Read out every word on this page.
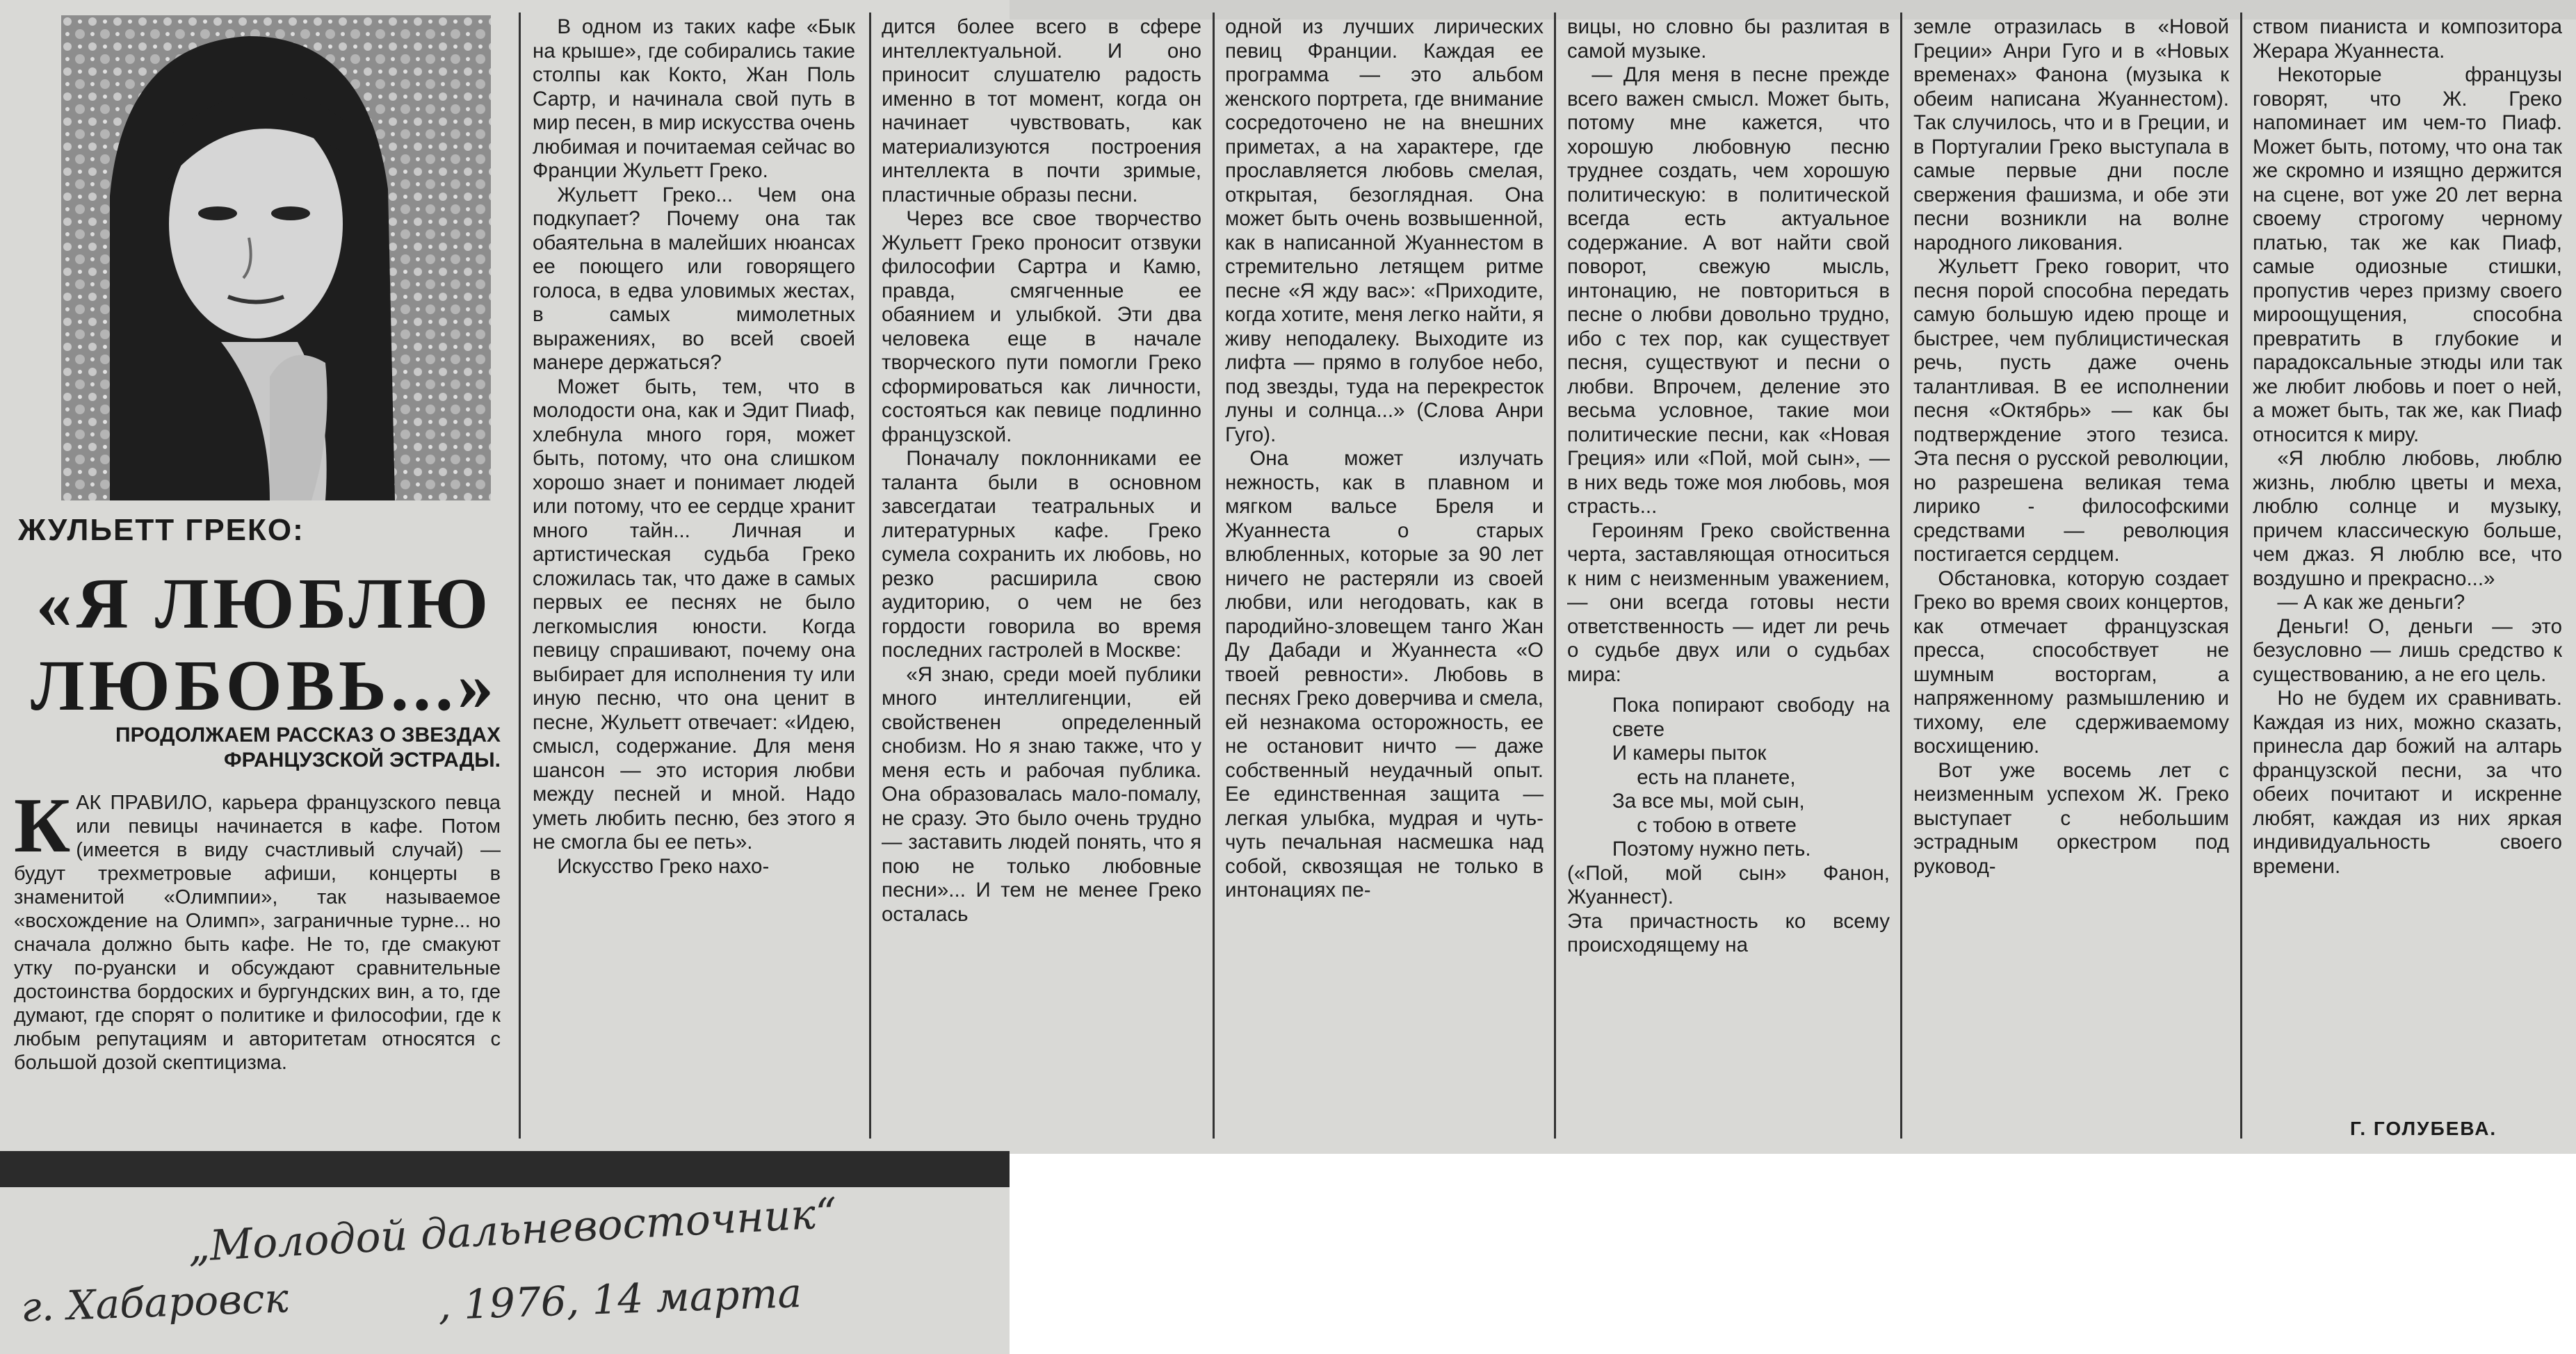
ЖУЛЬЕТТ ГРЕКО:
«Я ЛЮБЛЮ
ЛЮБОВЬ...»
ПРОДОЛЖАЕМ РАССКАЗ О ЗВЕЗДАХ ФРАНЦУЗСКОЙ ЭСТРАДЫ.
КАК ПРАВИЛО, карьера французского певца или певицы начинается в кафе. Потом (имеется в виду счастливый случай) — будут трехметровые афиши, концерты в знаменитой «Олимпии», так называемое «восхождение на Олимп», заграничные турне... но сначала должно быть кафе. Не то, где смакуют утку по-руански и обсуждают сравнительные достоинства бордоских и бургундских вин, а то, где думают, где спорят о политике и философии, где к любым репутациям и авторитетам относятся с большой дозой скептицизма.

В одном из таких кафе «Бык на крыше», где собирались такие столпы как Кокто, Жан Поль Сартр, и начинала свой путь в мир песен, в мир искусства очень любимая и почитаемая сейчас во Франции Жульетт Греко.

Жульетт Греко... Чем она подкупает? Почему она так обаятельна в малейших нюансах ее поющего или говорящего голоса, в едва уловимых жестах, в самых мимолетных выражениях, во всей своей манере держаться?

Может быть, тем, что в молодости она, как и Эдит Пиаф, хлебнула много горя, может быть, потому, что она слишком хорошо знает и понимает людей или потому, что ее сердце хранит много тайн... Личная и артистическая судьба Греко сложилась так, что даже в самых первых ее песнях не было легкомыслия юности. Когда певицу спрашивают, почему она выбирает для исполнения ту или иную песню, что она ценит в песне, Жульетт отвечает: «Идею, смысл, содержание. Для меня шансон — это история любви между песней и мной. Надо уметь любить песню, без этого я не смогла бы ее петь».

Искусство Греко нахо-

дится более всего в сфере интеллектуальной. И оно приносит слушателю радость именно в тот момент, когда он начинает чувствовать, как материализуются построения интеллекта в почти зримые, пластичные образы песни.

Через все свое творчество Жульетт Греко проносит отзвуки философии Сартра и Камю, правда, смягченные ее обаянием и улыбкой. Эти два человека еще в начале творческого пути помогли Греко сформироваться как личности, состояться как певице подлинно французской.

Поначалу поклонниками ее таланта были в основном завсегдатаи театральных и литературных кафе. Греко сумела сохранить их любовь, но резко расширила свою аудиторию, о чем не без гордости говорила во время последних гастролей в Москве:

«Я знаю, среди моей публики много интеллигенции, ей свойственен определенный снобизм. Но я знаю также, что у меня есть и рабочая публика. Она образовалась мало-помалу, не сразу. Это было очень трудно — заставить людей понять, что я пою не только любовные песни»... И тем не менее Греко осталась

одной из лучших лирических певиц Франции. Каждая ее программа — это альбом женского портрета, где внимание сосредоточено не на внешних приметах, а на характере, где прославляется любовь смелая, открытая, безоглядная. Она может быть очень возвышенной, как в написанной Жуаннестом в стремительно летящем ритме песне «Я жду вас»: «Приходите, когда хотите, меня легко найти, я живу неподалеку. Выходите из лифта — прямо в голубое небо, под звезды, туда на перекресток луны и солнца...» (Слова Анри Гуго).

Она может излучать нежность, как в плавном и мягком вальсе Бреля и Жуаннеста о старых влюбленных, которые за 90 лет ничего не растеряли из своей любви, или негодовать, как в пародийно-зловещем танго Жан Ду Дабади и Жуаннеста «О твоей ревности». Любовь в песнях Греко доверчива и смела, ей незнакома осторожность, ее не остановит ничто — даже собственный неудачный опыт. Ее единственная защита — легкая улыбка, мудрая и чуть-чуть печальная насмешка над собой, сквозящая не только в интонациях пе-

вицы, но словно бы разлитая в самой музыке.

— Для меня в песне прежде всего важен смысл. Может быть, потому мне кажется, что хорошую любовную песню труднее создать, чем хорошую политическую: в политической всегда есть актуальное содержание. А вот найти свой поворот, свежую мысль, интонацию, не повториться в песне о любви довольно трудно, ибо с тех пор, как существует песня, существуют и песни о любви. Впрочем, деление это весьма условное, такие мои политические песни, как «Новая Греция» или «Пой, мой сын», — в них ведь тоже моя любовь, моя страсть...

Героиням Греко свойственна черта, заставляющая относиться к ним с неизменным уважением, — они всегда готовы нести ответственность — идет ли речь о судьбе двух или о судьбах мира:

Пока попирают свободу на свете

И камеры пыток

есть на планете,

За все мы, мой сын,

с тобою в ответе

Поэтому нужно петь.

(«Пой, мой сын» Фанон, Жуаннест).

Эта причастность ко всему происходящему на

земле отразилась в «Новой Греции» Анри Гуго и в «Новых временах» Фанона (музыка к обеим написана Жуаннестом). Так случилось, что и в Греции, и в Португалии Греко выступала в самые первые дни после свержения фашизма, и обе эти песни возникли на волне народного ликования.

Жульетт Греко говорит, что песня порой способна передать самую большую идею проще и быстрее, чем публицистическая речь, пусть даже очень талантливая. В ее исполнении песня «Октябрь» — как бы подтверждение этого тезиса. Эта песня о русской революции, но разрешена великая тема лирико - философскими средствами — революция постигается сердцем.

Обстановка, которую создает Греко во время своих концертов, как отмечает французская пресса, способствует не шумным восторгам, а напряженному размышлению и тихому, еле сдерживаемому восхищению.

Вот уже восемь лет с неизменным успехом Ж. Греко выступает с небольшим эстрадным оркестром под руковод-

ством пианиста и композитора Жерара Жуаннеста.

Некоторые французы говорят, что Ж. Греко напоминает им чем-то Пиаф. Может быть, потому, что она так же скромно и изящно держится на сцене, вот уже 20 лет верна своему строгому черному платью, так же как Пиаф, самые одиозные стишки, пропустив через призму своего мироощущения, способна превратить в глубокие и парадоксальные этюды или так же любит любовь и поет о ней, а может быть, так же, как Пиаф относится к миру.

«Я люблю любовь, люблю жизнь, люблю цветы и меха, люблю солнце и музыку, причем классическую больше, чем джаз. Я люблю все, что воздушно и прекрасно...»

— А как же деньги?

Деньги! О, деньги — это безусловно — лишь средство к существованию, а не его цель.

Но не будем их сравнивать. Каждая из них, можно сказать, принесла дар божий на алтарь французской песни, за что обеих почитают и искренне любят, каждая из них яркая индивидуальность своего времени.

Г. ГОЛУБЕВА.
„Молодой дальневосточник“
г. Хабаровск	, 1976, 14 марта
